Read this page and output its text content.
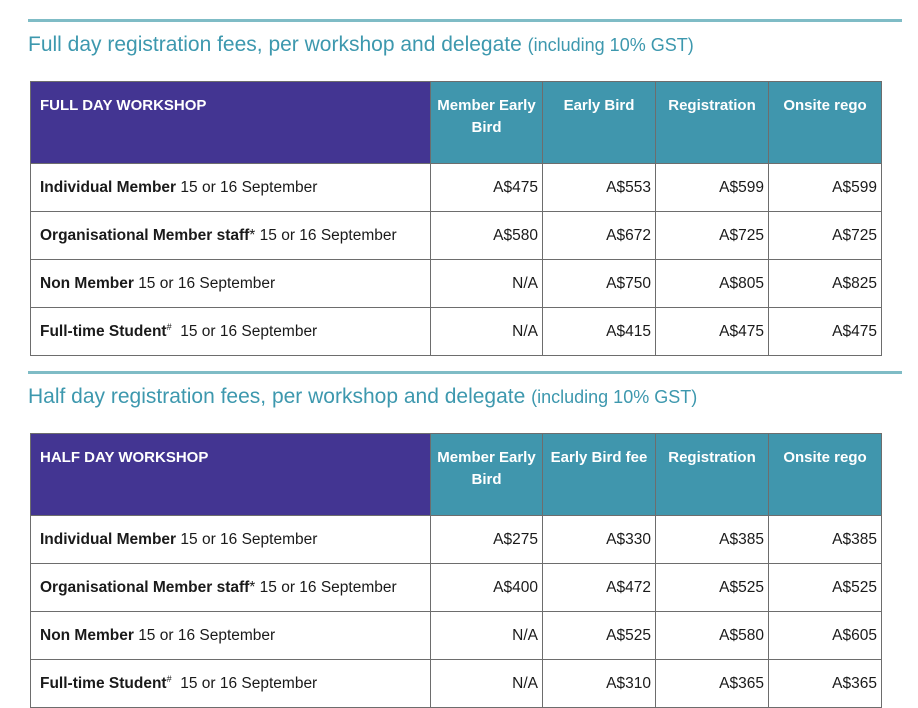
Full day registration fees, per workshop and delegate (including 10% GST)
FULL DAY WORKSHOP	Member Early Bird	Early Bird	Registration	Onsite rego
Individual Member 15 or 16 September	A$475	A$553	A$599	A$599
Organisational Member staff* 15 or 16 September	A$580	A$672	A$725	A$725
Non Member 15 or 16 September	N/A	A$750	A$805	A$825
Full-time Student# 15 or 16 September	N/A	A$415	A$475	A$475
Half day registration fees, per workshop and delegate (including 10% GST)
HALF DAY WORKSHOP	Member Early Bird	Early Bird fee	Registration	Onsite rego
Individual Member 15 or 16 September	A$275	A$330	A$385	A$385
Organisational Member staff* 15 or 16 September	A$400	A$472	A$525	A$525
Non Member 15 or 16 September	N/A	A$525	A$580	A$605
Full-time Student# 15 or 16 September	N/A	A$310	A$365	A$365
